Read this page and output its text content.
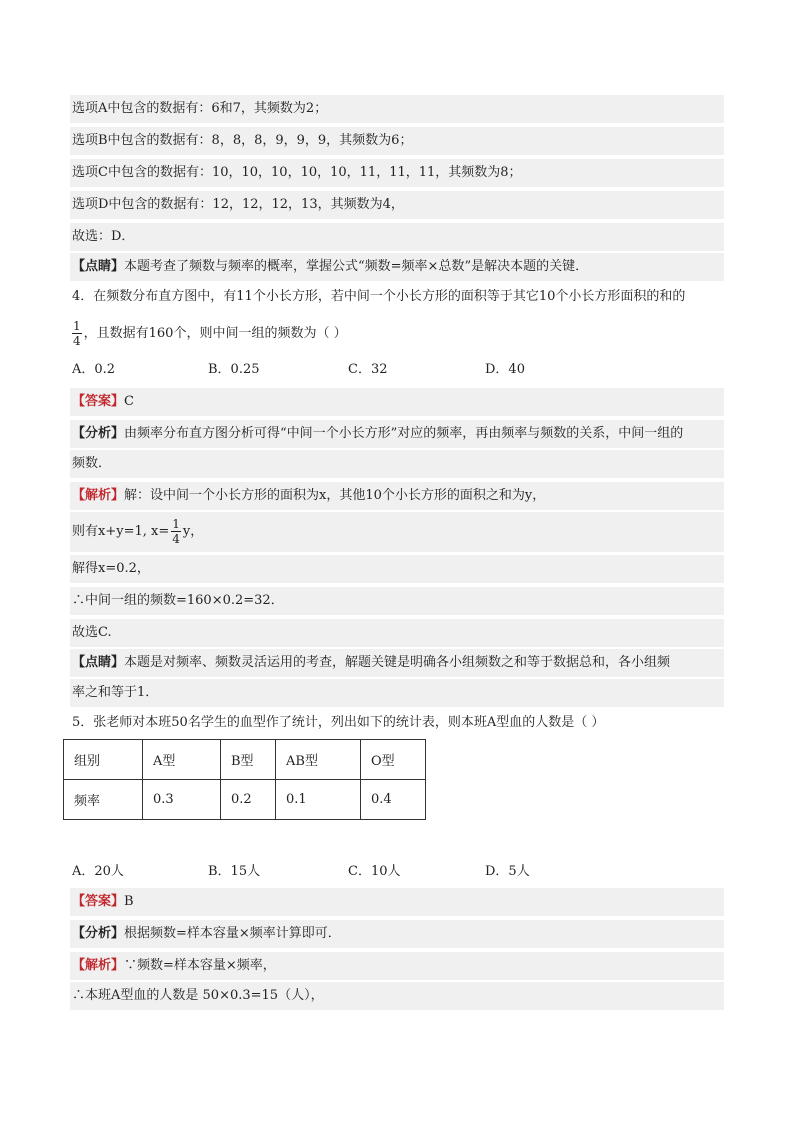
选项A中包含的数据有：6和7，其频数为2；
选项B中包含的数据有：8，8，8，9，9，9，其频数为6；
选项C中包含的数据有：10，10，10，10，10，11，11，11，其频数为8；
选项D中包含的数据有：12，12，12，13，其频数为4，
故选：D．
【点睛】本题考查了频数与频率的概率，掌握公式“频数=频率×总数”是解决本题的关键．
4．在频数分布直方图中，有11个小长方形，若中间一个小长方形的面积等于其它10个小长方形面积的和的
$\frac{1}{4}$ ，且数据有160个，则中间一组的频数为（ ）
A．0.2	B．0.25	C．32	D．40
【答案】C
【分析】由频率分布直方图分析可得“中间一个小长方形”对应的频率，再由频率与频数的关系，中间一组的
频数．
【解析】解：设中间一个小长方形的面积为x，其他10个小长方形的面积之和为y，
则有x+y=1, $x= \frac{1}{4}$ y，
解得x=0.2，
∴中间一组的频数=160×0.2=32．
故选C.
【点睛】本题是对频率、频数灵活运用的考查，解题关键是明确各小组频数之和等于数据总和，各小组频
率之和等于1．
5．张老师对本班50名学生的血型作了统计，列出如下的统计表，则本班A型血的人数是（ ）
组别	A型	B型	AB型	O型
频率	0.3	0.2	0.1	0.4
A．20人	B．15人	C．10人	D．5人
【答案】B
【分析】根据频数=样本容量×频率计算即可．
【解析】∵频数=样本容量×频率，
∴本班A型血的人数是 50×0.3=15（人），
